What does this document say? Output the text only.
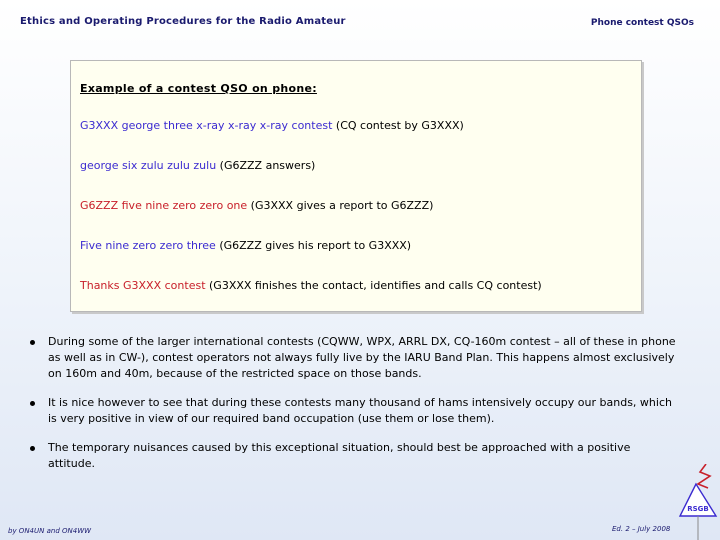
Ethics and Operating Procedures for the Radio Amateur	Phone contest QSOs
Example of a contest QSO on phone:
G3XXX george three x-ray x-ray x-ray contest (CQ contest by G3XXX)
george six zulu zulu zulu (G6ZZZ answers)
G6ZZZ five nine zero zero one (G3XXX gives a report to G6ZZZ)
Five nine zero zero three (G6ZZZ gives his report to G3XXX)
Thanks G3XXX contest (G3XXX finishes the contact, identifies and calls CQ contest)
During some of the larger international contests (CQWW, WPX, ARRL DX, CQ-160m contest – all of these in phone as well as in CW-), contest operators not always fully live by the IARU Band Plan. This happens almost exclusively on 160m and 40m, because of the restricted space on those bands.
It is nice however to see that during these contests many thousand of hams intensively occupy our bands, which is very positive in view of our required band occupation (use them or lose them).
The temporary nuisances caused by this exceptional situation, should best be approached with a positive attitude.
RSGB
by ON4UN and ON4WW	Ed. 2 – July 2008
